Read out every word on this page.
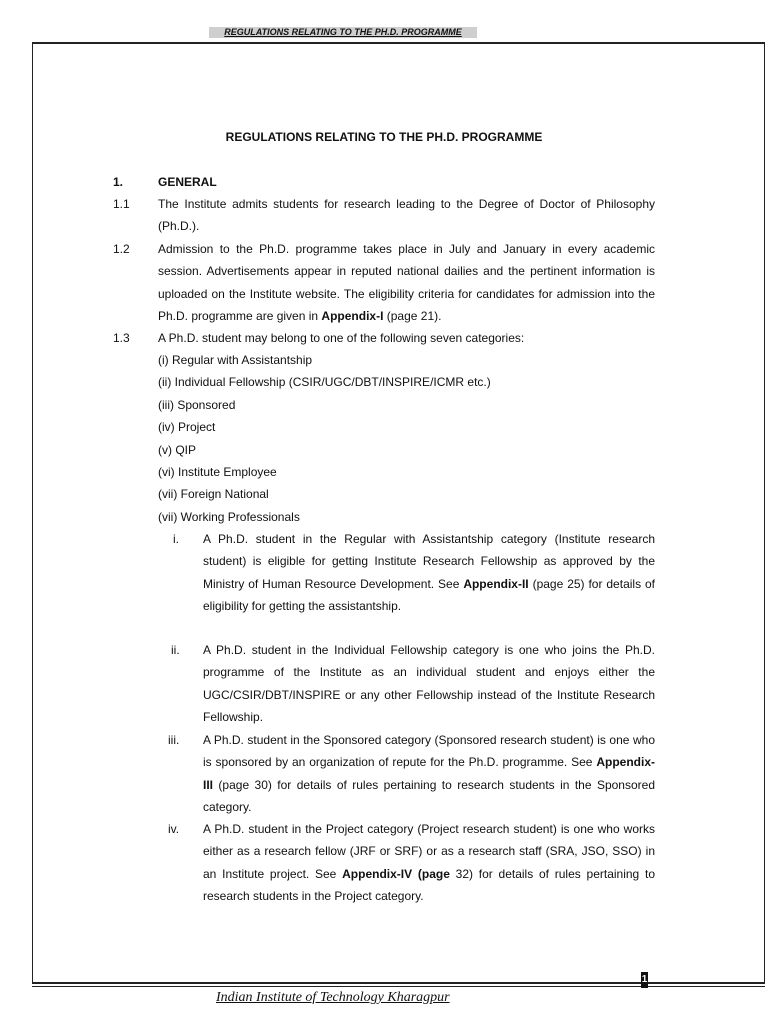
REGULATIONS RELATING TO THE PH.D. PROGRAMME
REGULATIONS RELATING TO THE PH.D. PROGRAMME
1.	GENERAL
1.1 The Institute admits students for research leading to the Degree of Doctor of Philosophy (Ph.D.).
1.2 Admission to the Ph.D. programme takes place in July and January in every academic session. Advertisements appear in reputed national dailies and the pertinent information is uploaded on the Institute website. The eligibility criteria for candidates for admission into the Ph.D. programme are given in Appendix-I (page 21).
1.3 A Ph.D. student may belong to one of the following seven categories:
(i) Regular with Assistantship
(ii) Individual Fellowship (CSIR/UGC/DBT/INSPIRE/ICMR etc.)
(iii) Sponsored
(iv) Project
(v) QIP
(vi) Institute Employee
(vii) Foreign National
(vii) Working Professionals
i. A Ph.D. student in the Regular with Assistantship category (Institute research student) is eligible for getting Institute Research Fellowship as approved by the Ministry of Human Resource Development. See Appendix-II (page 25) for details of eligibility for getting the assistantship.
ii. A Ph.D. student in the Individual Fellowship category is one who joins the Ph.D. programme of the Institute as an individual student and enjoys either the UGC/CSIR/DBT/INSPIRE or any other Fellowship instead of the Institute Research Fellowship.
iii. A Ph.D. student in the Sponsored category (Sponsored research student) is one who is sponsored by an organization of repute for the Ph.D. programme. See Appendix-III (page 30) for details of rules pertaining to research students in the Sponsored category.
iv. A Ph.D. student in the Project category (Project research student) is one who works either as a research fellow (JRF or SRF) or as a research staff (SRA, JSO, SSO) in an Institute project. See Appendix-IV (page 32) for details of rules pertaining to research students in the Project category.
1
Indian Institute of Technology Kharagpur
